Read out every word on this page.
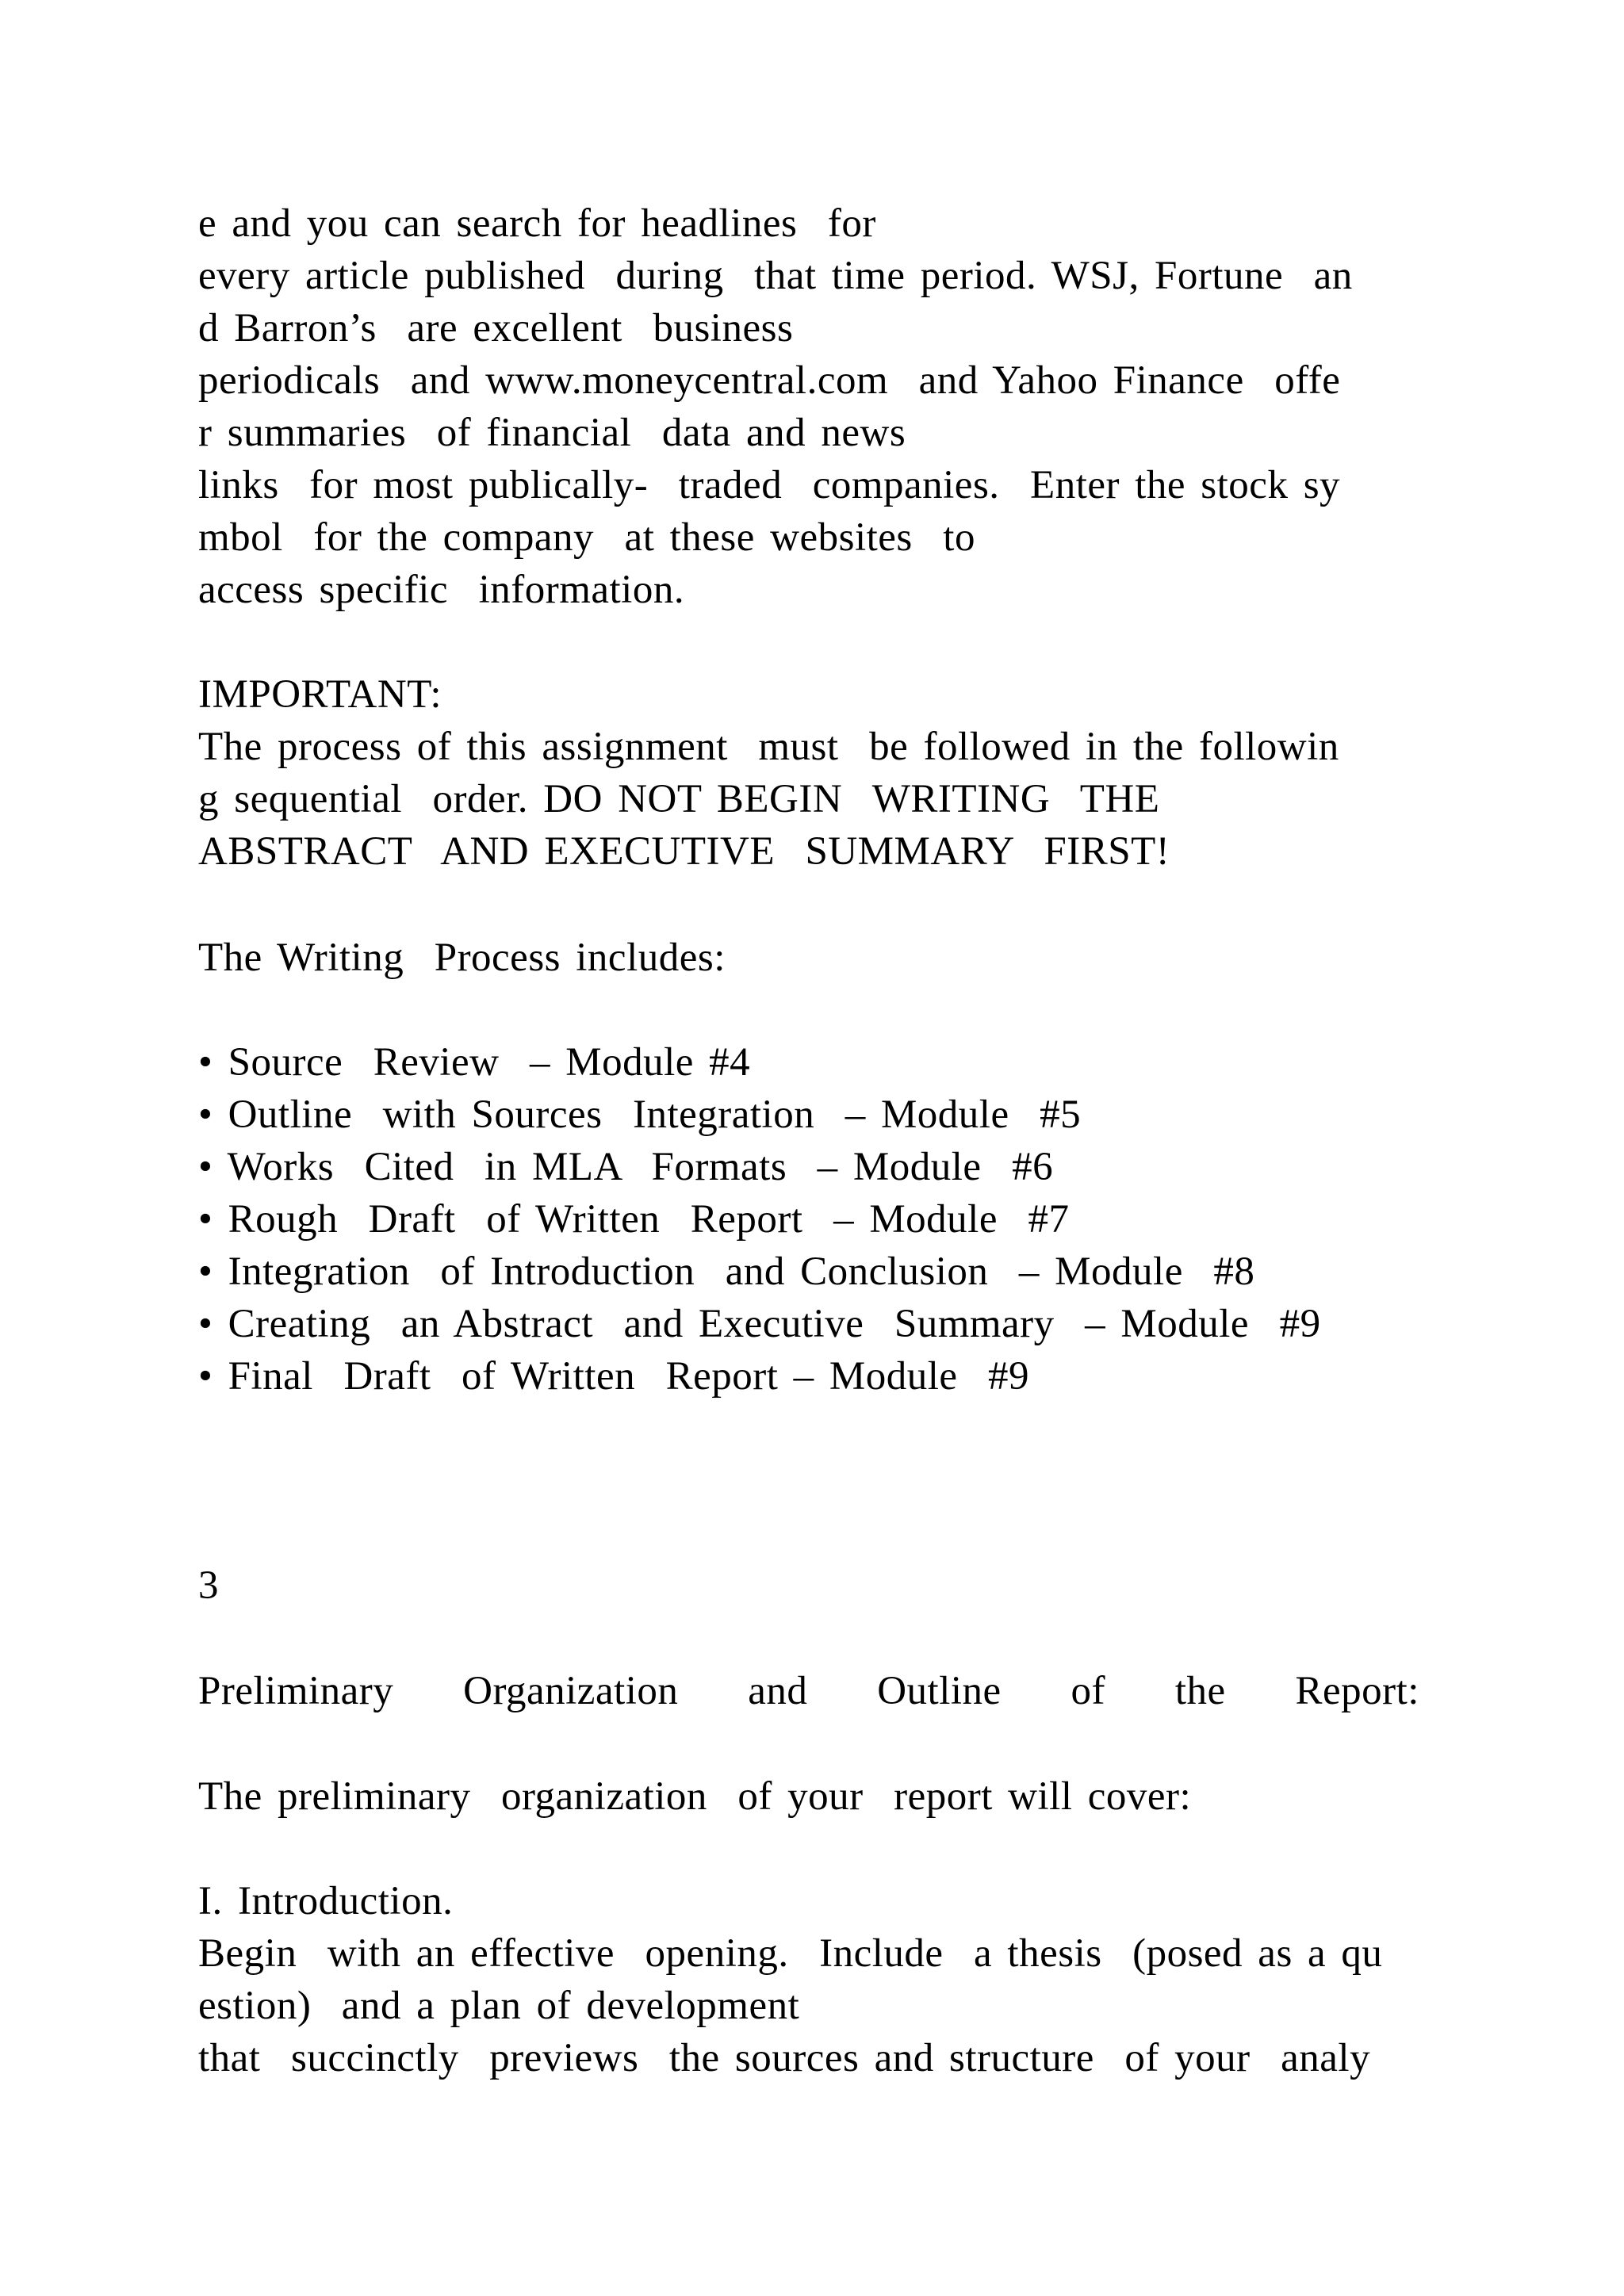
e and you can search for headlines  for
every article published  during  that time period. WSJ, Fortune  an
d Barron’s  are excellent  business
periodicals  and www.moneycentral.com  and Yahoo Finance  offe
r summaries  of financial  data and news
links  for most publically-  traded  companies.  Enter the stock sy
mbol  for the company  at these websites  to
access specific  information.
IMPORTANT:
The process of this assignment  must  be followed in the followin
g sequential  order. DO NOT BEGIN  WRITING  THE
ABSTRACT  AND EXECUTIVE  SUMMARY  FIRST!
The Writing  Process includes:
• Source  Review  – Module #4
• Outline  with Sources  Integration  – Module  #5
• Works  Cited  in MLA  Formats  – Module  #6
• Rough  Draft  of Written  Report  – Module  #7
• Integration  of Introduction  and Conclusion  – Module  #8
• Creating  an Abstract  and Executive  Summary  – Module  #9
• Final  Draft  of Written  Report – Module  #9
3
Preliminary Organization and Outline of the Report:
The preliminary  organization  of your  report will cover:
I. Introduction.
Begin  with an effective  opening.  Include  a thesis  (posed as a qu
estion)  and a plan of development
that  succinctly  previews  the sources and structure  of your  analy
